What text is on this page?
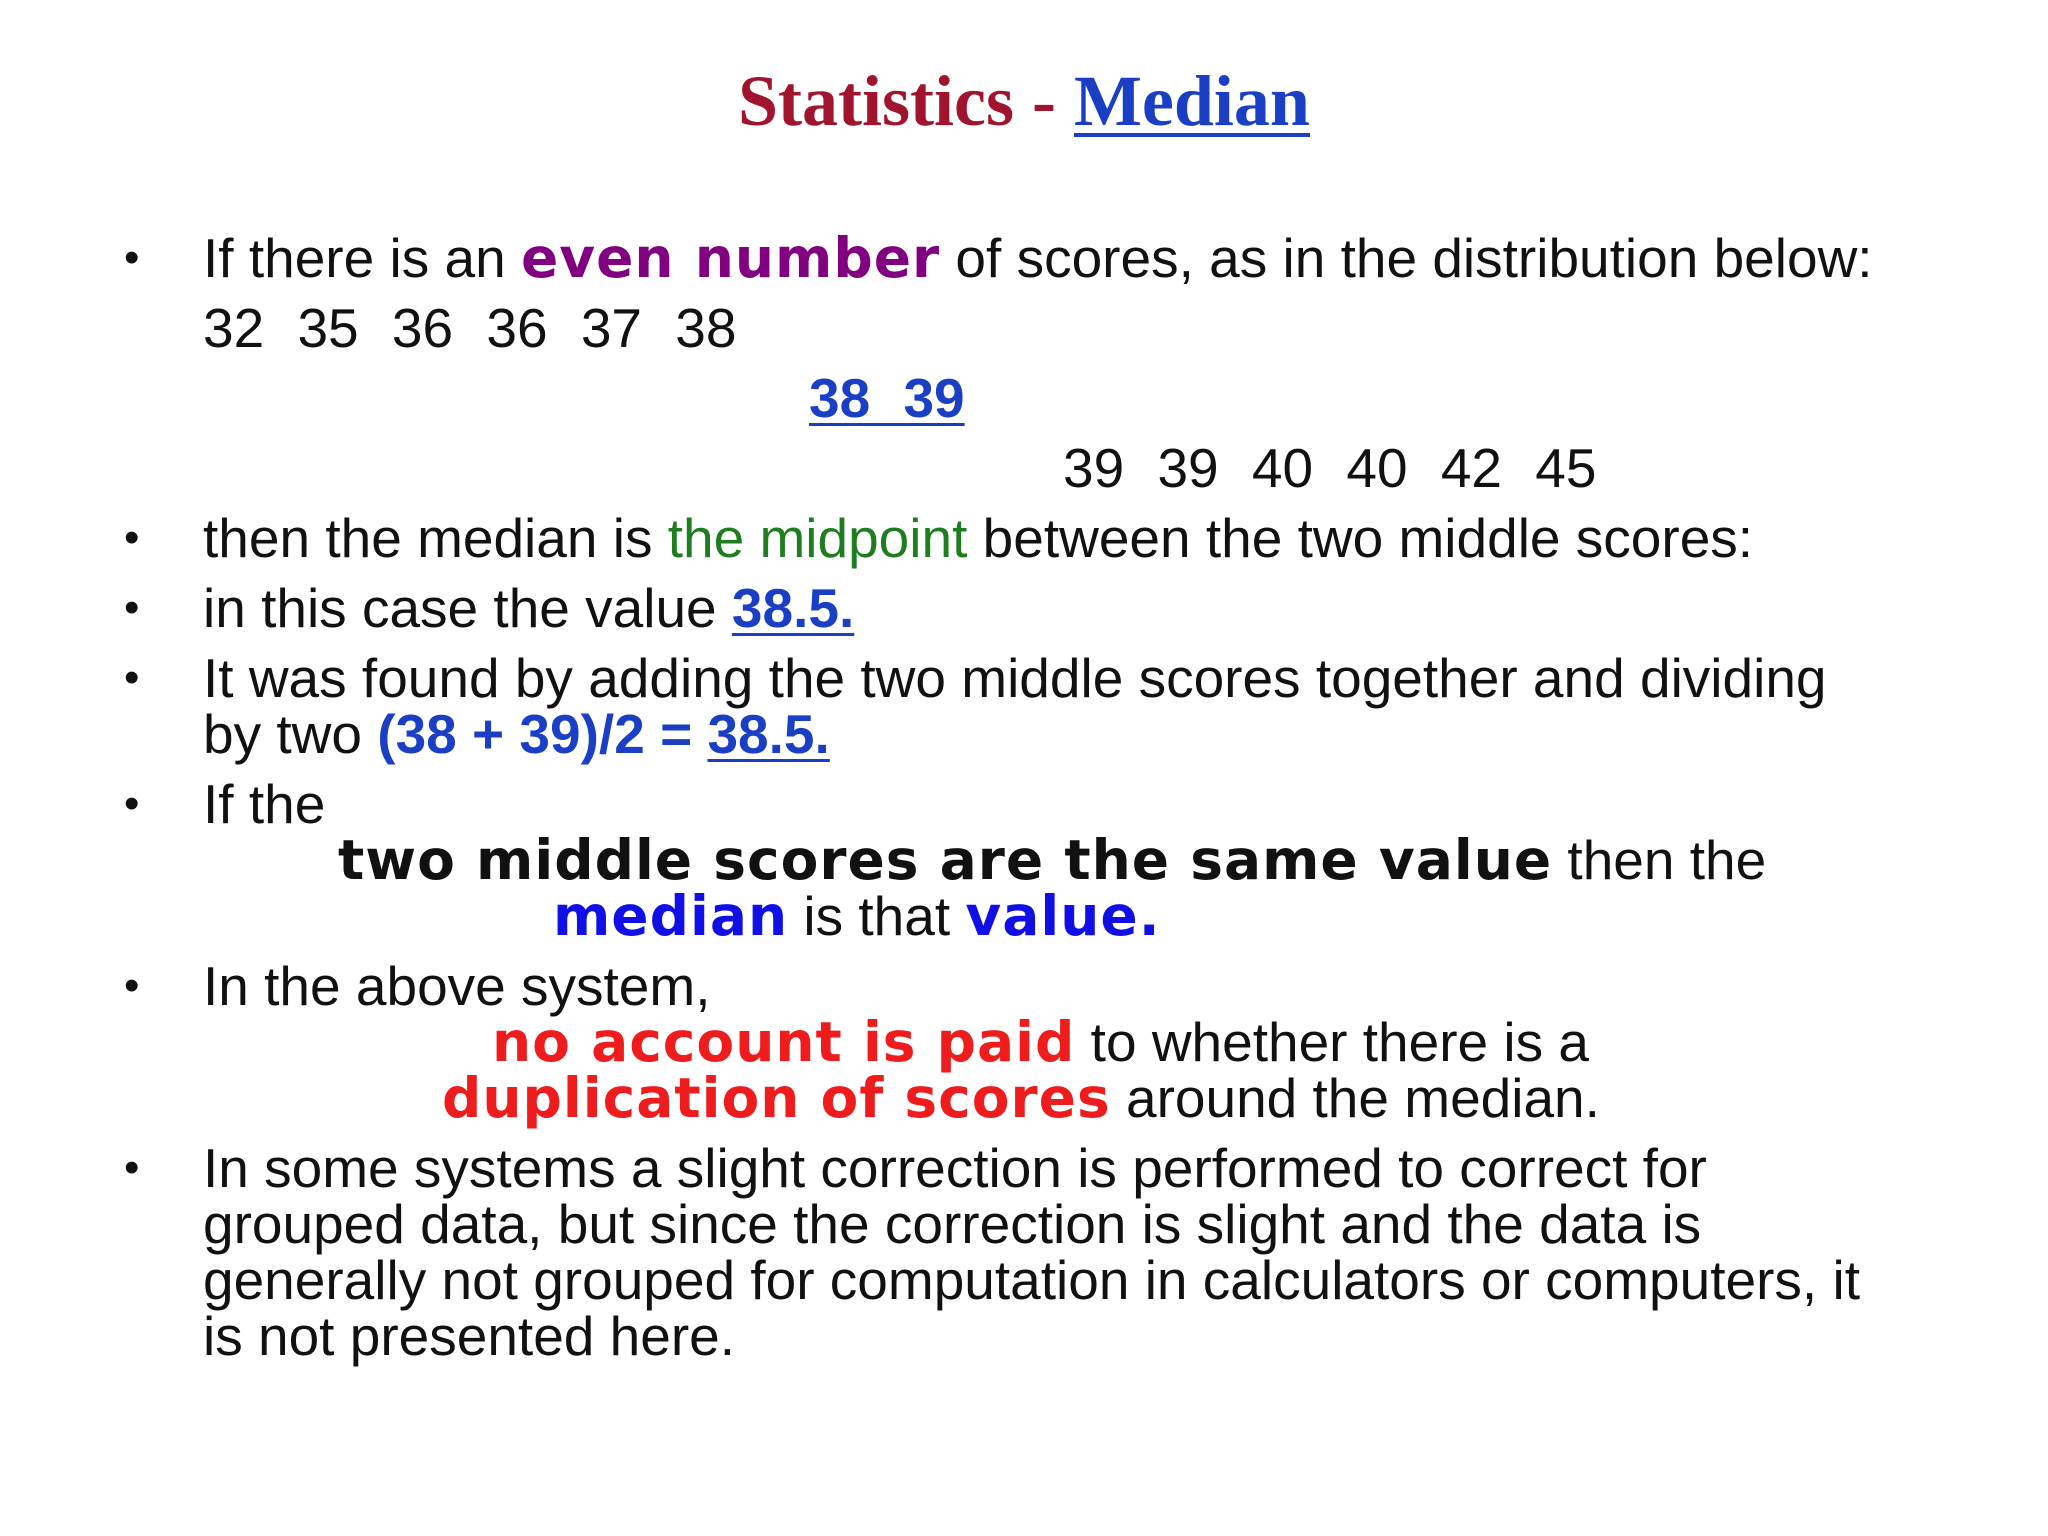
Statistics - Median
• If there is an even number of scores, as in the distribution below:
32 35 36 36 37 38
38 39
39 39 40 40 42 45
• then the median is the midpoint between the two middle scores:
• in this case the value 38.5.
• It was found by adding the two middle scores together and dividing
by two (38 + 39)/2 = 38.5.
• If the
two middle scores are the same value then the
median is that value.
• In the above system,
no account is paid to whether there is a
duplication of scores around the median.
• In some systems a slight correction is performed to correct for
grouped data, but since the correction is slight and the data is
generally not grouped for computation in calculators or computers, it
is not presented here.
